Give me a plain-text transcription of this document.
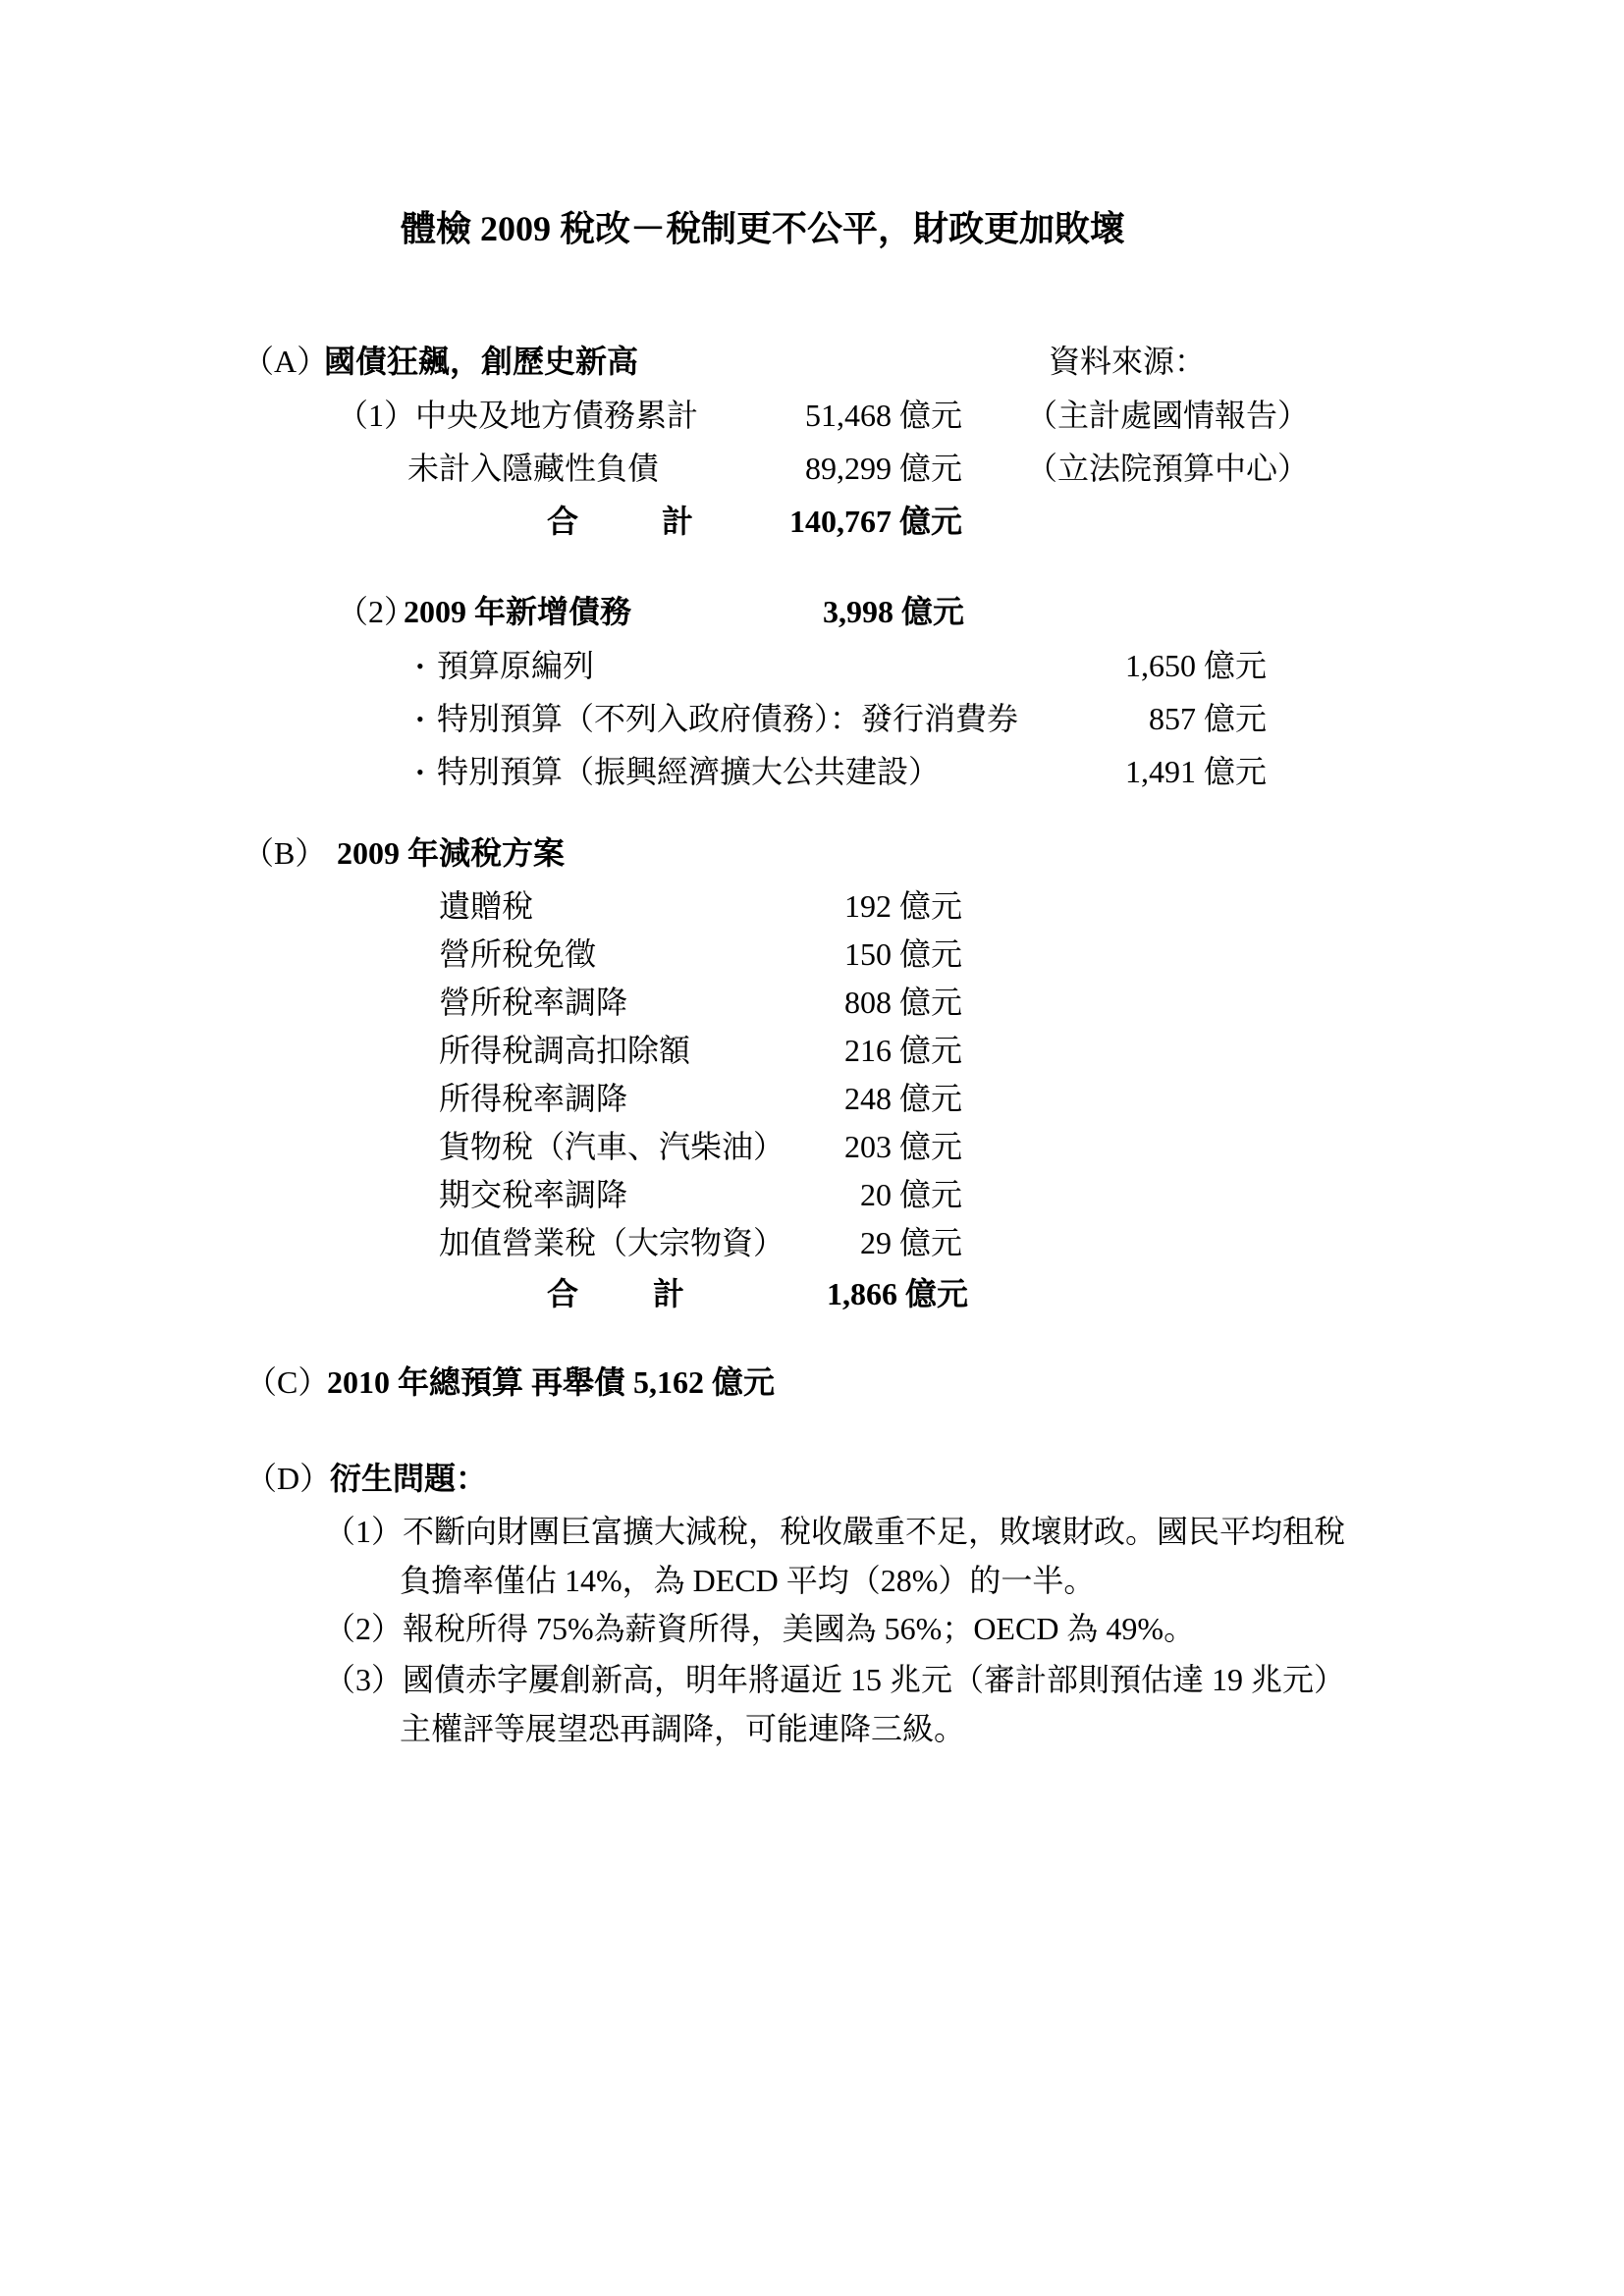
體檢 2009 稅改－稅制更不公平，財政更加敗壞
（A）
國債狂飆，創歷史新高	資料來源：
（1）中央及地方債務累計	51,468 億元 （主計處國情報告）
未計入隱藏性負債	89,299 億元 （立法院預算中心）
合	計	140,767 億元
（2）
2009 年新增債務	3,998 億元
• 預算原編列	1,650 億元
• 特別預算（不列入政府債務）：發行消費券	857 億元
• 特別預算（振興經濟擴大公共建設）	1,491 億元
（B） 2009 年減稅方案
遺贈稅	192 億元
營所稅免徵	150 億元
營所稅率調降	808 億元
所得稅調高扣除額	216 億元
所得稅率調降	248 億元
貨物稅（汽車、汽柴油）	203 億元
期交稅率調降	20 億元
加值營業稅（大宗物資）	29 億元
合 計	1,866 億元
（C）
2010 年總預算 再舉債 5,162 億元
（D）
衍生問題：
（1） 不斷向財團巨富擴大減稅，稅收嚴重不足，敗壞財政。國民平均租稅
負擔率僅佔 14%，為 DECD 平均（28%）的一半。
（2） 報稅所得 75%為薪資所得，美國為 56%；OECD 為 49%。
（3） 國債赤字屢創新高，明年將逼近 15 兆元（審計部則預估達 19 兆元）
主權評等展望恐再調降，可能連降三級。
